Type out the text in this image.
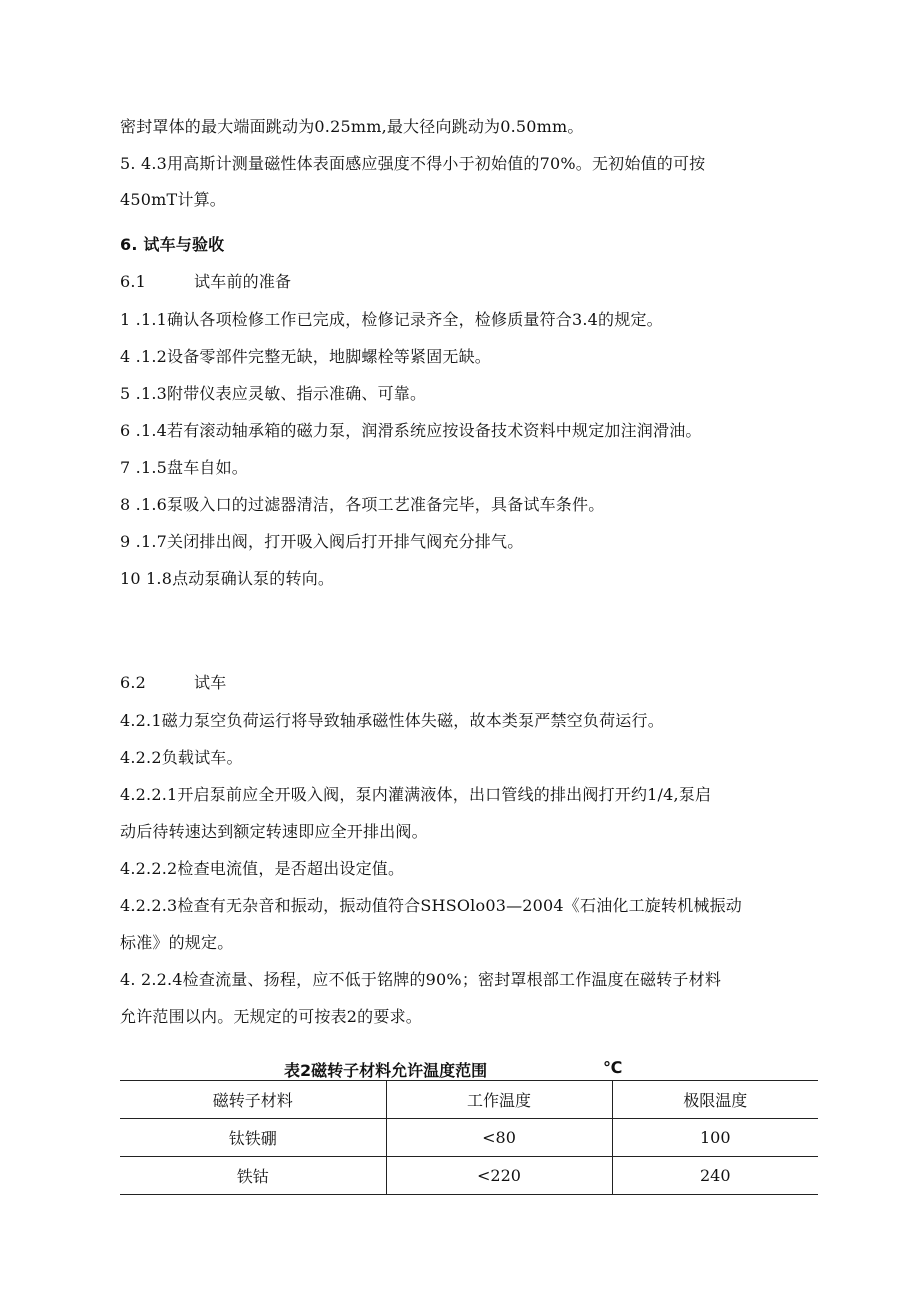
密封罩体的最大端面跳动为0.25mm,最大径向跳动为0.50mm。
5. 4.3用高斯计测量磁性体表面感应强度不得小于初始值的70%。无初始值的可按
450mT计算。
6. 试车与验收
6.1	试车前的准备
1 .1.1确认各项检修工作已完成，检修记录齐全，检修质量符合3.4的规定。
4 .1.2设备零部件完整无缺，地脚螺栓等紧固无缺。
5 .1.3附带仪表应灵敏、指示准确、可靠。
6 .1.4若有滚动轴承箱的磁力泵，润滑系统应按设备技术资料中规定加注润滑油。
7 .1.5盘车自如。
8 .1.6泵吸入口的过滤器清洁，各项工艺准备完毕，具备试车条件。
9 .1.7关闭排出阀，打开吸入阀后打开排气阀充分排气。
10 1.8点动泵确认泵的转向。
6.2	试车
4.2.1磁力泵空负荷运行将导致轴承磁性体失磁，故本类泵严禁空负荷运行。
4.2.2负载试车。
4.2.2.1开启泵前应全开吸入阀，泵内灌满液体，出口管线的排出阀打开约1/4,泵启
动后待转速达到额定转速即应全开排出阀。
4.2.2.2检查电流值，是否超出设定值。
4.2.2.3检查有无杂音和振动，振动值符合SHSOlo03—2004《石油化工旋转机械振动
标准》的规定。
4. 2.2.4检查流量、扬程，应不低于铭牌的90%；密封罩根部工作温度在磁转子材料
允许范围以内。无规定的可按表2的要求。
表2磁转子材料允许温度范围	℃
磁转子材料	工作温度	极限温度
钛铁硼	<80	100
铁钴	<220	240
